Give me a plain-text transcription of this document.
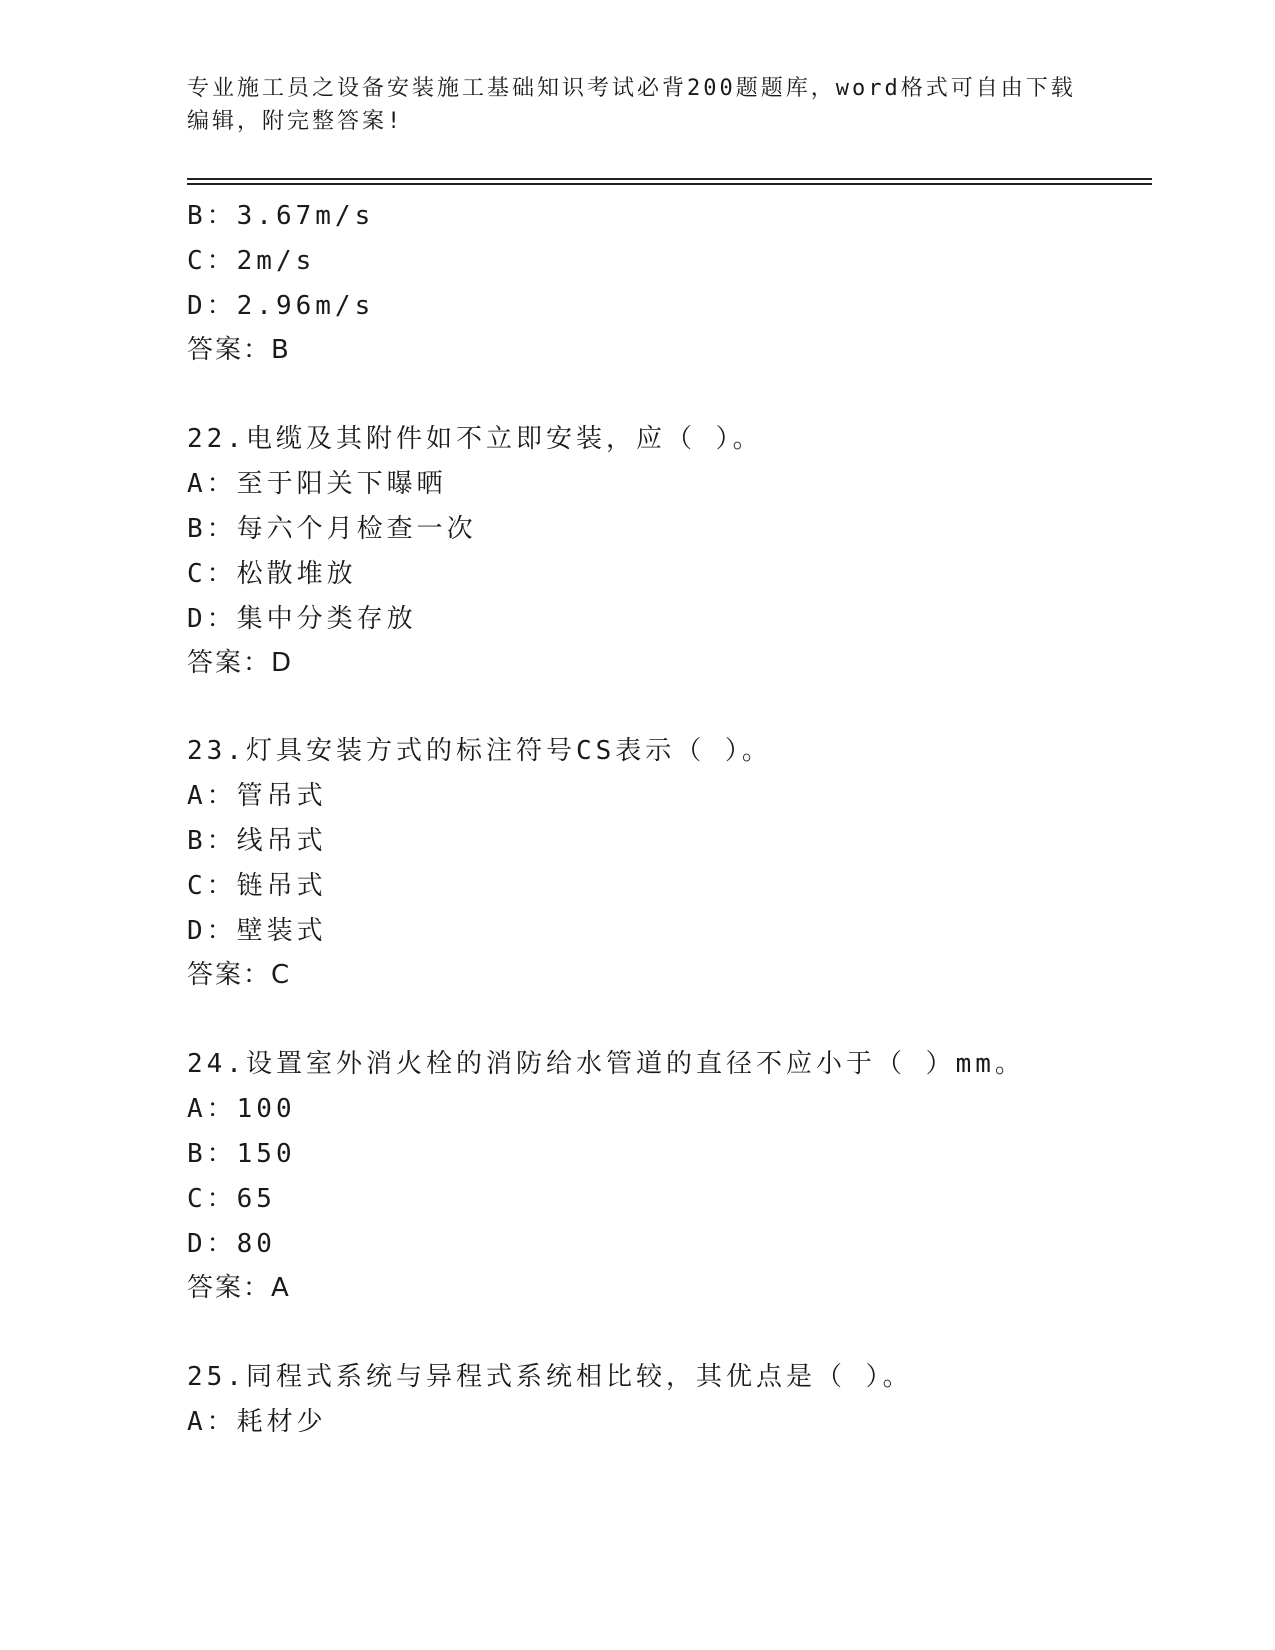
专业施工员之设备安装施工基础知识考试必背200题题库，word格式可自由下载
编辑，附完整答案!
B：3.67m/s
C：2m/s
D：2.96m/s
答案：B
22.电缆及其附件如不立即安装，应（ ）。
A：至于阳关下曝晒
B：每六个月检查一次
C：松散堆放
D：集中分类存放
答案：D
23.灯具安装方式的标注符号CS表示（ ）。
A：管吊式
B：线吊式
C：链吊式
D：壁装式
答案：C
24.设置室外消火栓的消防给水管道的直径不应小于（ ）mm。
A：100
B：150
C：65
D：80
答案：A
25.同程式系统与异程式系统相比较，其优点是（ ）。
A：耗材少
